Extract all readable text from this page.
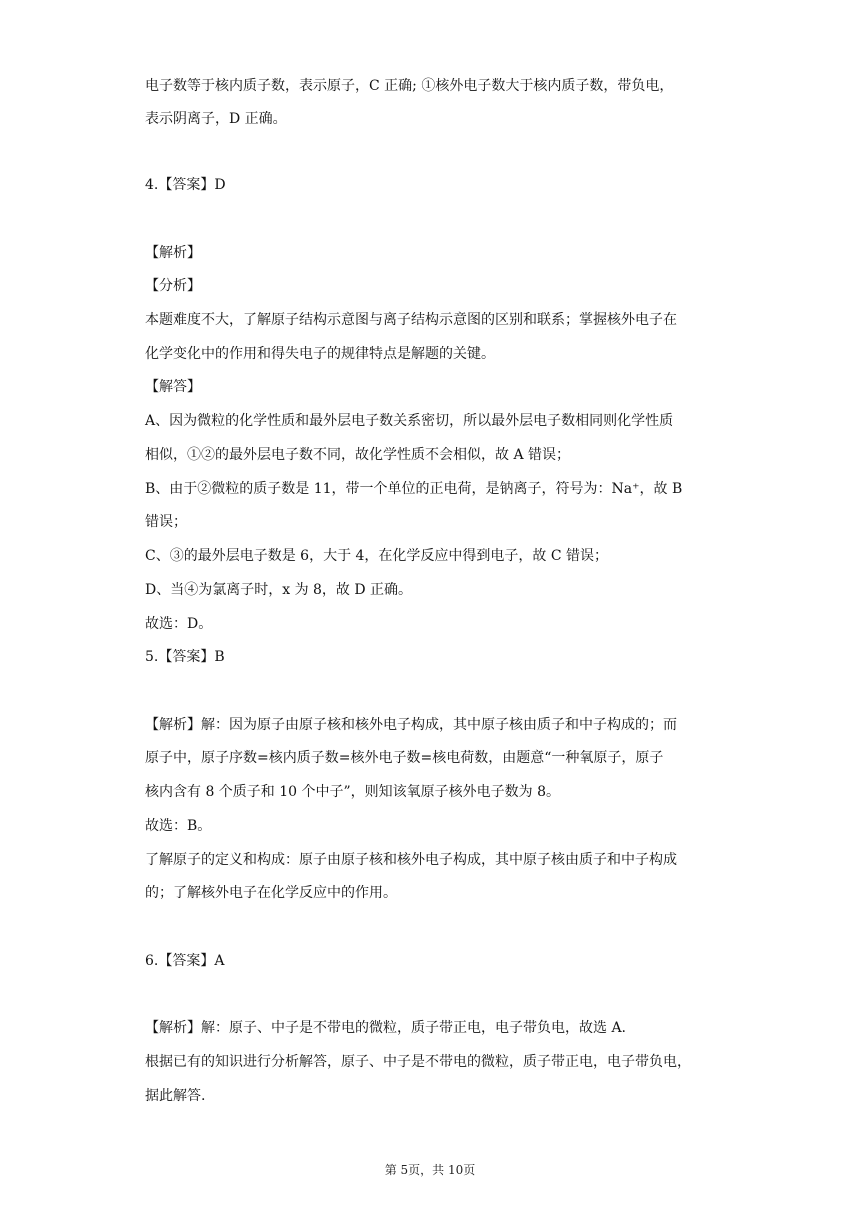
电子数等于核内质子数，表示原子，C 正确; ①核外电子数大于核内质子数，带负电，
表示阴离子，D 正确。
4.【答案】D
【解析】
【分析】
本题难度不大，了解原子结构示意图与离子结构示意图的区别和联系；掌握核外电子在
化学变化中的作用和得失电子的规律特点是解题的关键。
【解答】
A、因为微粒的化学性质和最外层电子数关系密切，所以最外层电子数相同则化学性质
相似，①②的最外层电子数不同，故化学性质不会相似，故 A 错误；
B、由于②微粒的质子数是 11，带一个单位的正电荷，是钠离子，符号为：Na⁺，故 B
错误；
C、③的最外层电子数是 6，大于 4，在化学反应中得到电子，故 C 错误；
D、当④为氯离子时，x 为 8，故 D 正确。
故选：D。
5.【答案】B
【解析】解：因为原子由原子核和核外电子构成，其中原子核由质子和中子构成的；而
原子中，原子序数=核内质子数=核外电子数=核电荷数，由题意“一种氧原子，原子
核内含有 8 个质子和 10 个中子”，则知该氧原子核外电子数为 8。
故选：B。
了解原子的定义和构成：原子由原子核和核外电子构成，其中原子核由质子和中子构成
的；了解核外电子在化学反应中的作用。
6.【答案】A
【解析】解：原子、中子是不带电的微粒，质子带正电，电子带负电，故选 A.
根据已有的知识进行分析解答，原子、中子是不带电的微粒，质子带正电，电子带负电，
据此解答.
第 5页，共 10页
